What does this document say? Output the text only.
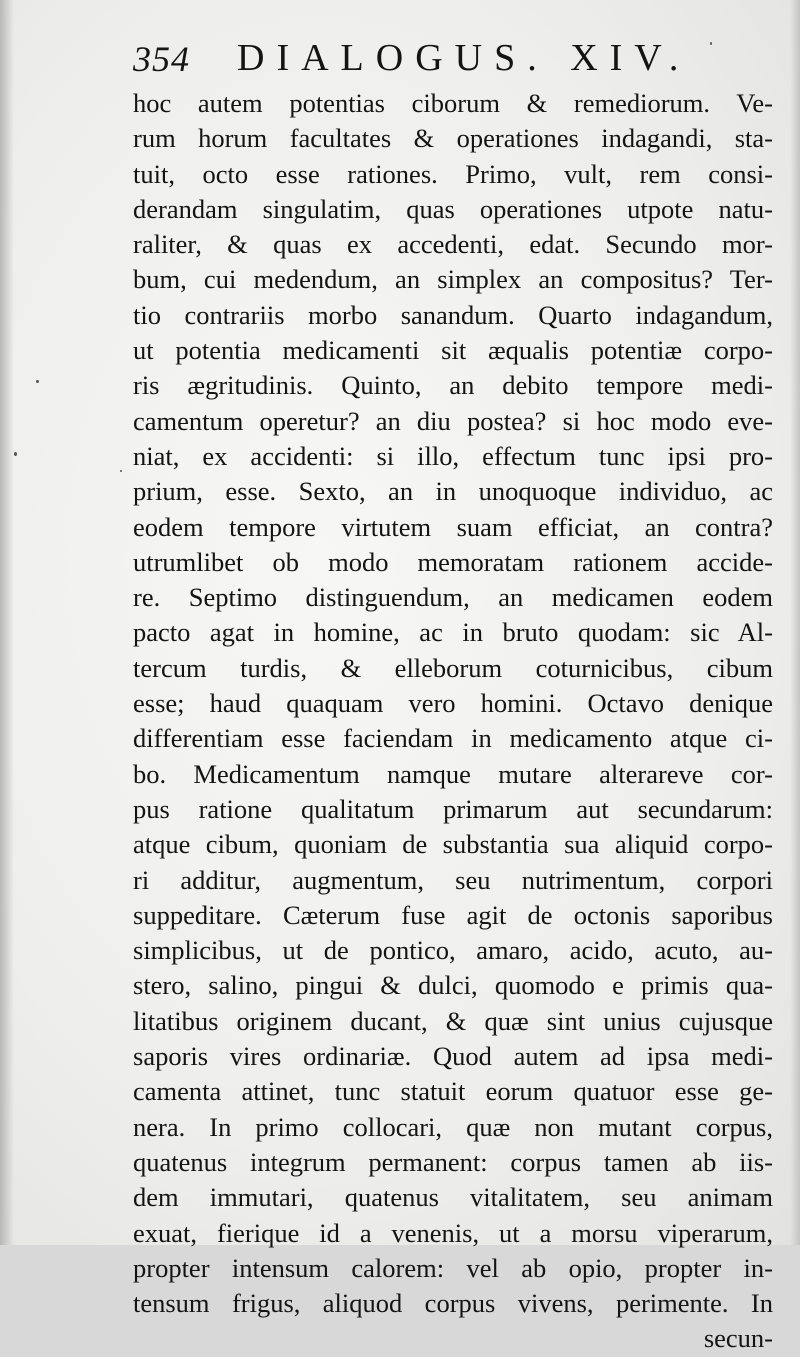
354 DIALOGUS. XIV.
hoc autem potentias ciborum & remediorum. Ve-
rum horum facultates & operationes indagandi, sta-
tuit, octo esse rationes. Primo, vult, rem consi-
derandam singulatim, quas operationes utpote natu-
raliter, & quas ex accedenti, edat. Secundo mor-
bum, cui medendum, an simplex an compositus? Ter-
tio contrariis morbo sanandum. Quarto indagandum,
ut potentia medicamenti sit æqualis potentiæ corpo-
ris ægritudinis. Quinto, an debito tempore medi-
camentum operetur? an diu postea? si hoc modo eve-
niat, ex accidenti: si illo, effectum tunc ipsi pro-
prium, esse. Sexto, an in unoquoque individuo, ac
eodem tempore virtutem suam efficiat, an contra?
utrumlibet ob modo memoratam rationem accide-
re. Septimo distinguendum, an medicamen eodem
pacto agat in homine, ac in bruto quodam: sic Al-
tercum turdis, & elleborum coturnicibus, cibum
esse; haud quaquam vero homini. Octavo denique
differentiam esse faciendam in medicamento atque ci-
bo. Medicamentum namque mutare alterareve cor-
pus ratione qualitatum primarum aut secundarum:
atque cibum, quoniam de substantia sua aliquid corpo-
ri additur, augmentum, seu nutrimentum, corpori
suppeditare. Cæterum fuse agit de octonis saporibus
simplicibus, ut de pontico, amaro, acido, acuto, au-
stero, salino, pingui & dulci, quomodo e primis qua-
litatibus originem ducant, & quæ sint unius cujusque
saporis vires ordinariæ. Quod autem ad ipsa medi-
camenta attinet, tunc statuit eorum quatuor esse ge-
nera. In primo collocari, quæ non mutant corpus,
quatenus integrum permanent: corpus tamen ab iis-
dem immutari, quatenus vitalitatem, seu animam
exuat, fierique id a venenis, ut a morsu viperarum,
propter intensum calorem: vel ab opio, propter in-
tensum frigus, aliquod corpus vivens, perimente. In
secun-
